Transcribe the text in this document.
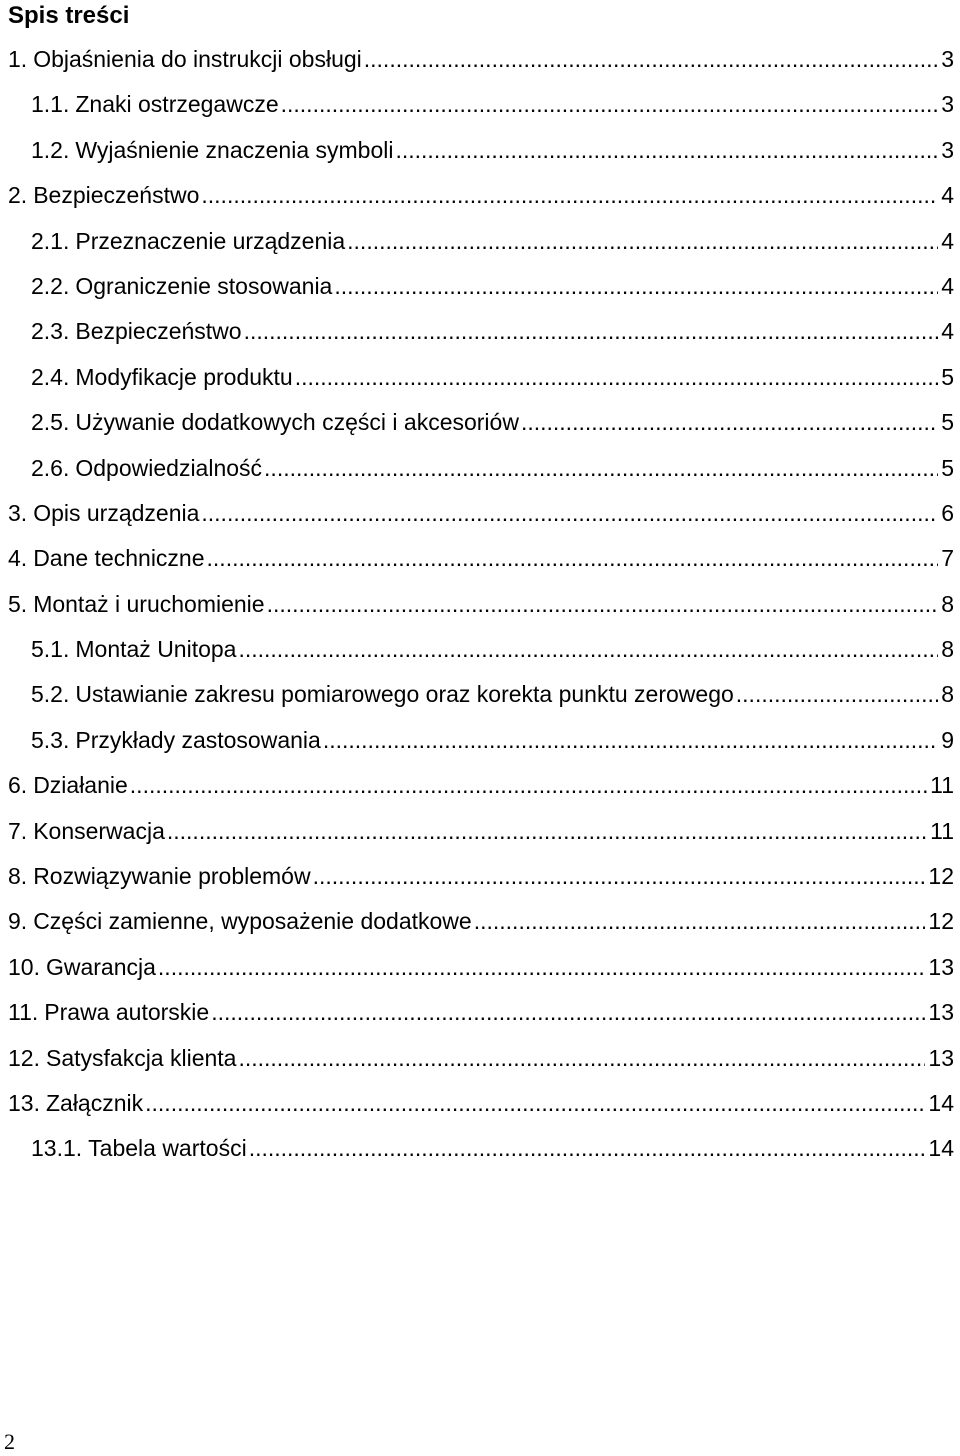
Spis treści
1. Objaśnienia do instrukcji obsługi .....	3
1.1. Znaki ostrzegawcze .....	3
1.2. Wyjaśnienie znaczenia symboli .....	3
2. Bezpieczeństwo .....	4
2.1. Przeznaczenie urządzenia .....	4
2.2. Ograniczenie stosowania .....	4
2.3. Bezpieczeństwo .....	4
2.4. Modyfikacje produktu .....	5
2.5. Używanie dodatkowych części i akcesoriów .....	5
2.6. Odpowiedzialność .....	5
3. Opis urządzenia .....	6
4. Dane techniczne .....	7
5. Montaż i uruchomienie .....	8
5.1. Montaż Unitopa .....	8
5.2. Ustawianie zakresu pomiarowego oraz korekta punktu zerowego .....	8
5.3. Przykłady zastosowania .....	9
6. Działanie .....	11
7. Konserwacja .....	11
8. Rozwiązywanie problemów .....	12
9. Części zamienne, wyposażenie dodatkowe .....	12
10. Gwarancja .....	13
11. Prawa autorskie .....	13
12. Satysfakcja klienta .....	13
13. Załącznik .....	14
13.1. Tabela wartości .....	14
2
